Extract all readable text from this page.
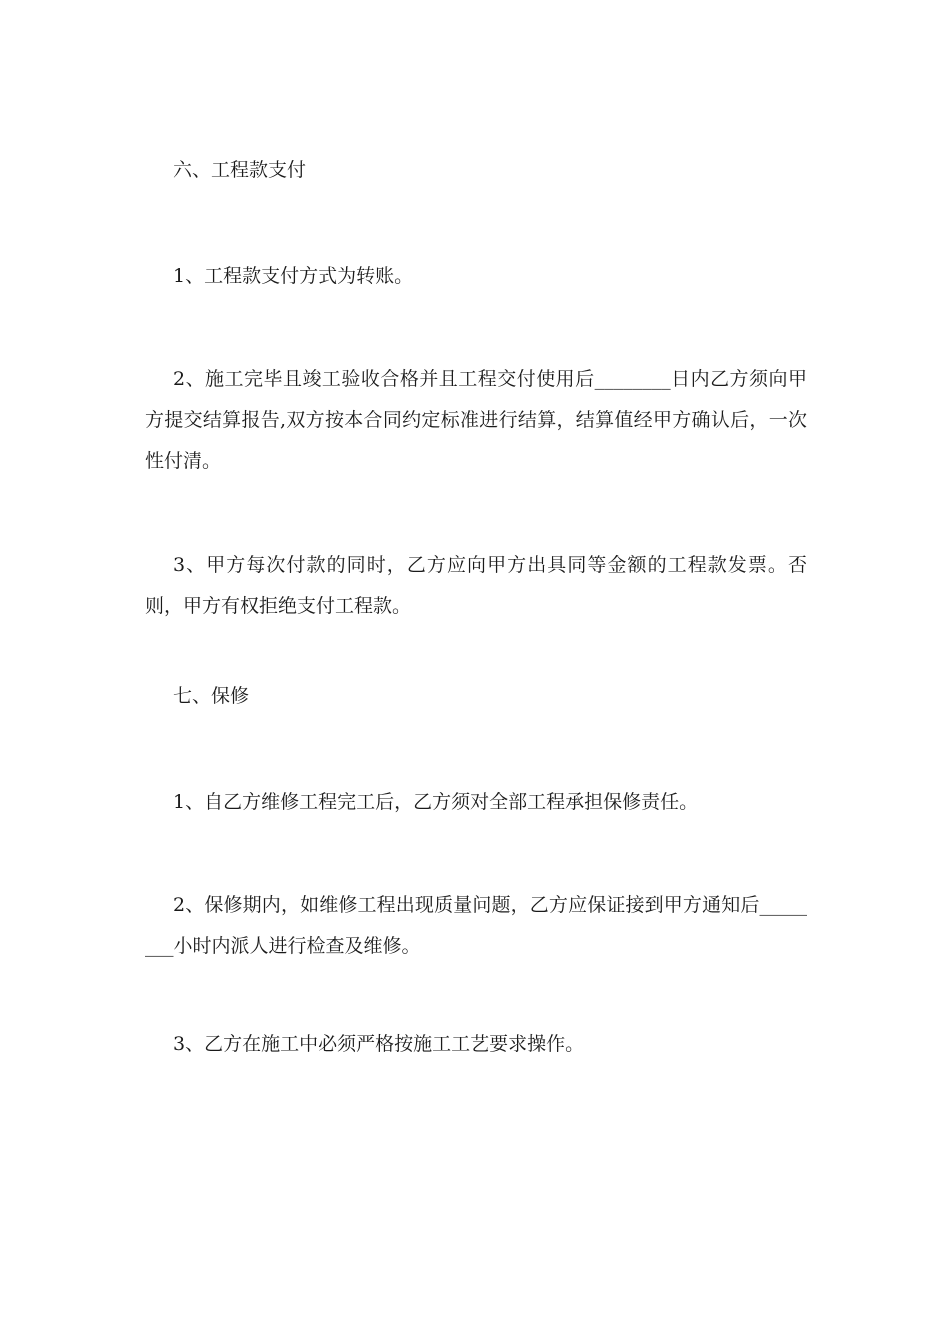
六、工程款支付

1、工程款支付方式为转账。

2、施工完毕且竣工验收合格并且工程交付使用后________日内乙方须向甲方提交结算报告,双方按本合同约定标准进行结算，结算值经甲方确认后，一次性付清。

3、甲方每次付款的同时，乙方应向甲方出具同等金额的工程款发票。否则，甲方有权拒绝支付工程款。

七、保修

1、自乙方维修工程完工后，乙方须对全部工程承担保修责任。

2、保修期内，如维修工程出现质量问题，乙方应保证接到甲方通知后________小时内派人进行检查及维修。

3、乙方在施工中必须严格按施工工艺要求操作。
